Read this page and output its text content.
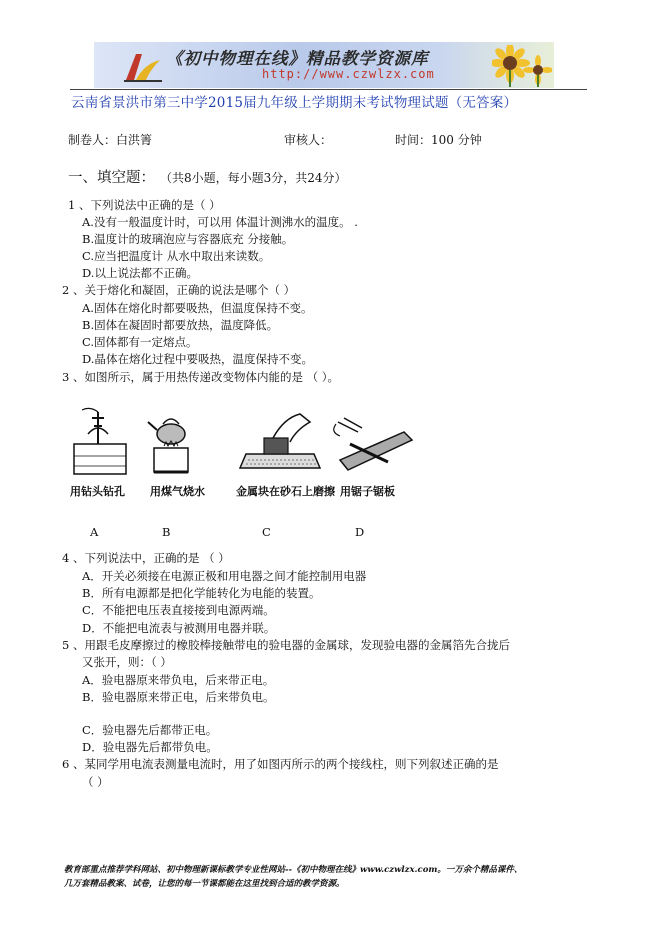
《初中物理在线》精品教学资源库
http://www.czwlzx.com
云南省景洪市第三中学2015届九年级上学期期末考试物理试题（无答案）
制卷人：白洪箐	审核人：	时间：100 分钟
一、填空题： （共8小题，每小题3分，共24分）
1 、下列说法中正确的是（ ）
A.没有一般温度计时，可以用 体温计测沸水的温度。 .
B.温度计的玻璃泡应与容器底充 分接触。
C.应当把温度计 从水中取出来读数。
D.以上说法都不正确。
2 、关于熔化和凝固，正确的说法是哪个（ ）
A.固体在熔化时都要吸热，但温度保持不变。
B.固体在凝固时都要放热，温度降低。
C.固体都有一定熔点。
D.晶体在熔化过程中要吸热，温度保持不变。
3 、如图所示，属于用热传递改变物体内能的是 （ ）。
用钻头钻孔 用煤气烧水	金属块在砂石上磨擦 用锯子锯板
A	B	C	D
4 、下列说法中，正确的是 （ ）
A．开关必须接在电源正极和用电器之间才能控制用电器
B．所有电源都是把化学能转化为电能的装置。
C．不能把电压表直接接到电源两端。
D．不能把电流表与被测用电器并联。
5 、用跟毛皮摩擦过的橡胶棒接触带电的验电器的金属球，发现验电器的金属箔先合拢后
又张开，则：（ ）
A．验电器原来带负电，后来带正电。
B．验电器原来带正电，后来带负电。
C．验电器先后都带正电。
D．验电器先后都带负电。
6 、某同学用电流表测量电流时，用了如图丙所示的两个接线柱，则下列叙述正确的是
（ ）
教育部重点推荐学科网站、初中物理新课标教学专业性网站--《初中物理在线》www.czwlzx.com。一万余个精品课件、
几万套精品教案、试卷，让您的每一节课都能在这里找到合适的教学资源。
